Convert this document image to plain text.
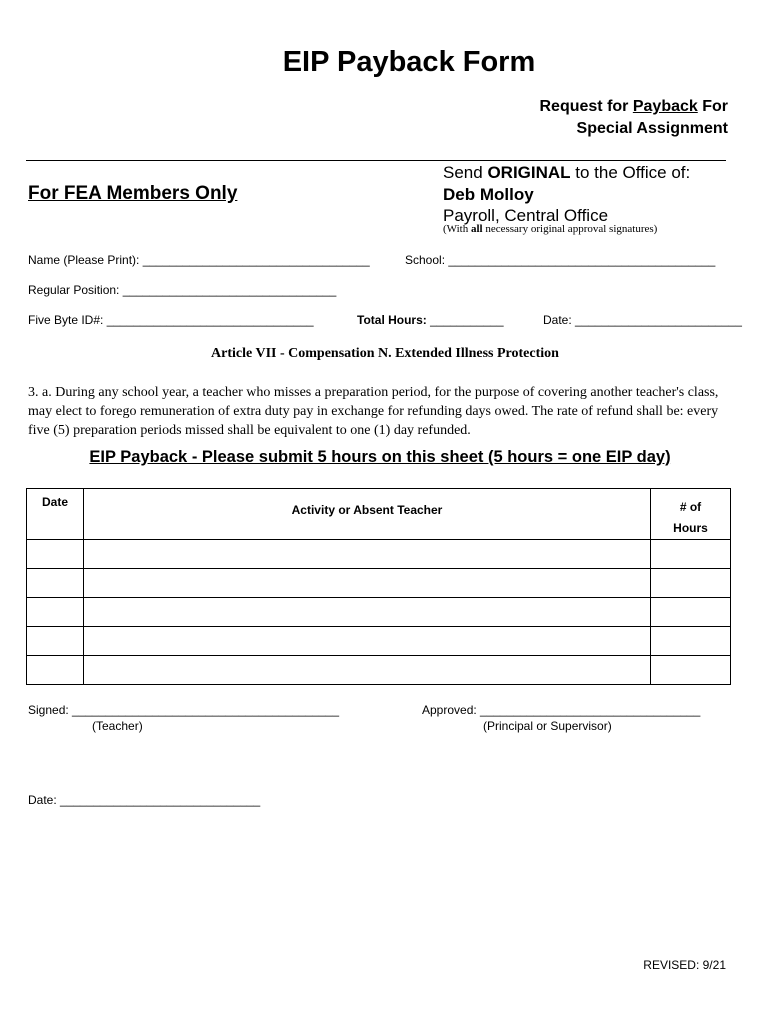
EIP Payback Form
Request for Payback For
Special Assignment
For FEA Members Only
Send ORIGINAL to the Office of:
Deb Molloy
Payroll, Central Office
(With all necessary original approval signatures)
Name (Please Print): __________________________________	School: ________________________________________
Regular Position: ________________________________
Five Byte ID#: _______________________________	Total Hours: ___________	Date: _________________________
Article VII - Compensation N. Extended Illness Protection
3. a. During any school year, a teacher who misses a preparation period, for the purpose of covering another teacher's class, may elect to forego remuneration of extra duty pay in exchange for refunding days owed. The rate of refund shall be: every five (5) preparation periods missed shall be equivalent to one (1) day refunded.
EIP Payback - Please submit 5 hours on this sheet (5 hours = one EIP day)
Date	Activity or Absent Teacher	# of Hours

Signed: ________________________________________
(Teacher)
Approved: _________________________________
(Principal or Supervisor)
Date: ______________________________
REVISED: 9/21
